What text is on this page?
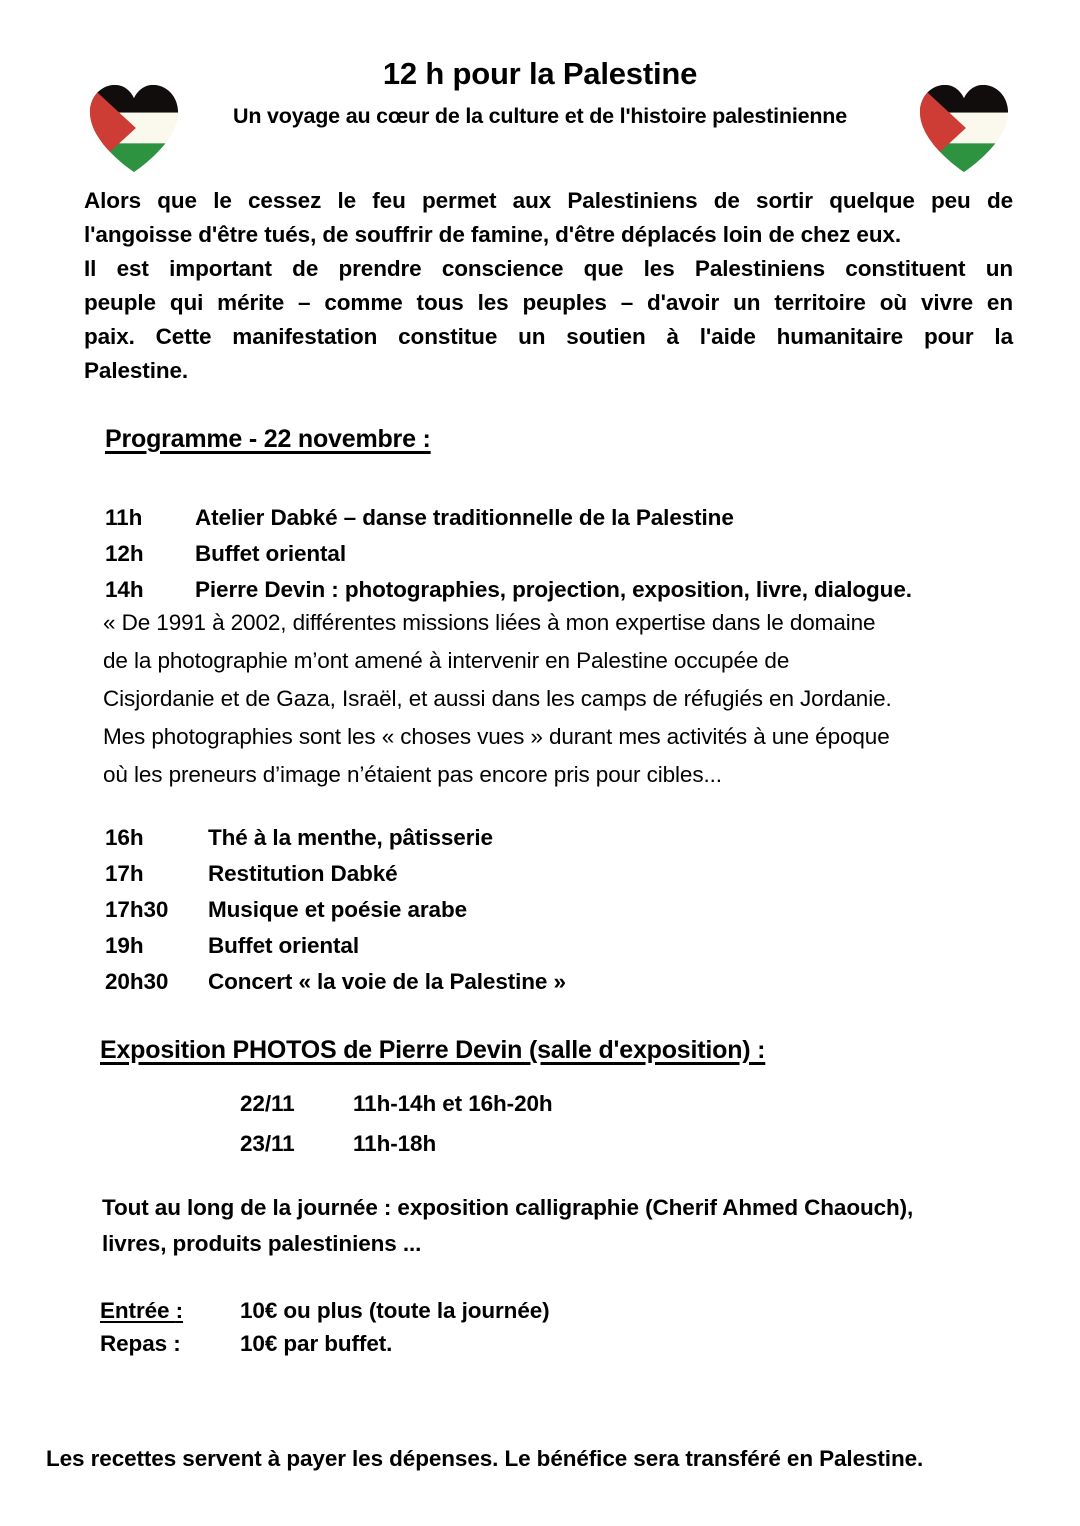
12 h pour la Palestine

Un voyage au cœur de la culture et de l'histoire palestinienne

Alors que le cessez le feu permet aux Palestiniens de sortir quelque peu de
l'angoisse d'être tués, de souffrir de famine, d'être déplacés loin de chez eux.
Il est important de prendre conscience que les Palestiniens constituent un
peuple qui mérite – comme tous les peuples – d'avoir un territoire où vivre en
paix. Cette manifestation constitue un soutien à l'aide humanitaire pour la
Palestine.
Programme - 22 novembre :
11h Atelier Dabké – danse traditionnelle de la Palestine
12h Buffet oriental
14h Pierre Devin : photographies, projection, exposition, livre, dialogue.
« De 1991 à 2002, différentes missions liées à mon expertise dans le domaine
de la photographie m’ont amené à intervenir en Palestine occupée de
Cisjordanie et de Gaza, Israël, et aussi dans les camps de réfugiés en Jordanie.
Mes photographies sont les « choses vues » durant mes activités à une époque
où les preneurs d’image n’étaient pas encore pris pour cibles...
16h	Thé à la menthe, pâtisserie
17h	Restitution Dabké
17h30 Musique et poésie arabe
19h	Buffet oriental
20h30 Concert « la voie de la Palestine »
Exposition PHOTOS de Pierre Devin (salle d'exposition) :
22/11	11h-14h et 16h-20h
23/11	11h-18h
Tout au long de la journée : exposition calligraphie (Cherif Ahmed Chaouch),
livres, produits palestiniens ...
Entrée :	10€ ou plus (toute la journée)
Repas :	10€ par buffet.
Les recettes servent à payer les dépenses. Le bénéfice sera transféré en Palestine.
